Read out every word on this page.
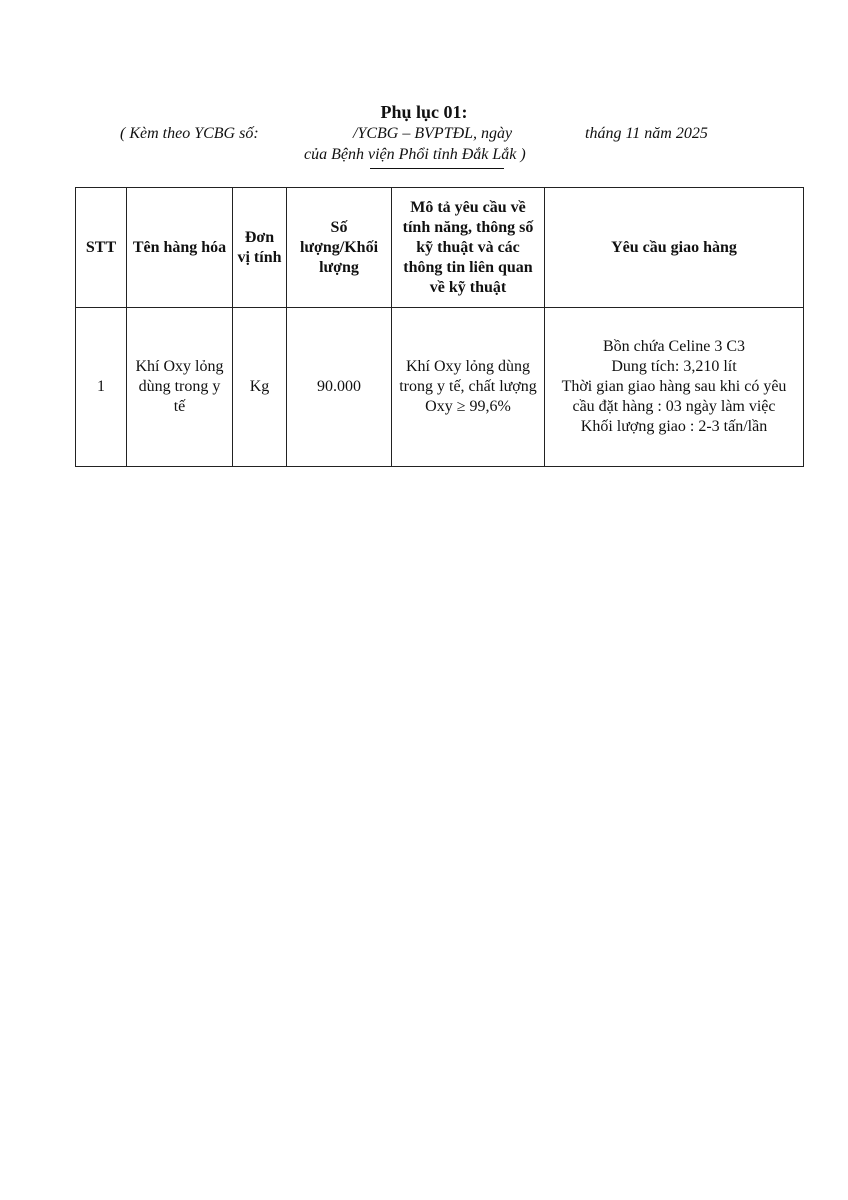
Phụ lục 01:
( Kèm theo YCBG số:	/YCBG – BVPTĐL, ngày	tháng 11 năm 2025
của Bệnh viện Phổi tỉnh Đắk Lắk )
STT	Tên hàng hóa	Đơn vị tính	Số lượng/Khối lượng	Mô tả yêu cầu về tính năng, thông số kỹ thuật và các thông tin liên quan về kỹ thuật	Yêu cầu giao hàng
1	Khí Oxy lỏng dùng trong y tế	Kg	90.000	Khí Oxy lỏng dùng trong y tế, chất lượng Oxy ≥ 99,6%	Bồn chứa Celine 3 C3
Dung tích: 3,210 lít
Thời gian giao hàng sau khi có yêu cầu đặt hàng : 03 ngày làm việc
Khối lượng giao : 2-3 tấn/lần
